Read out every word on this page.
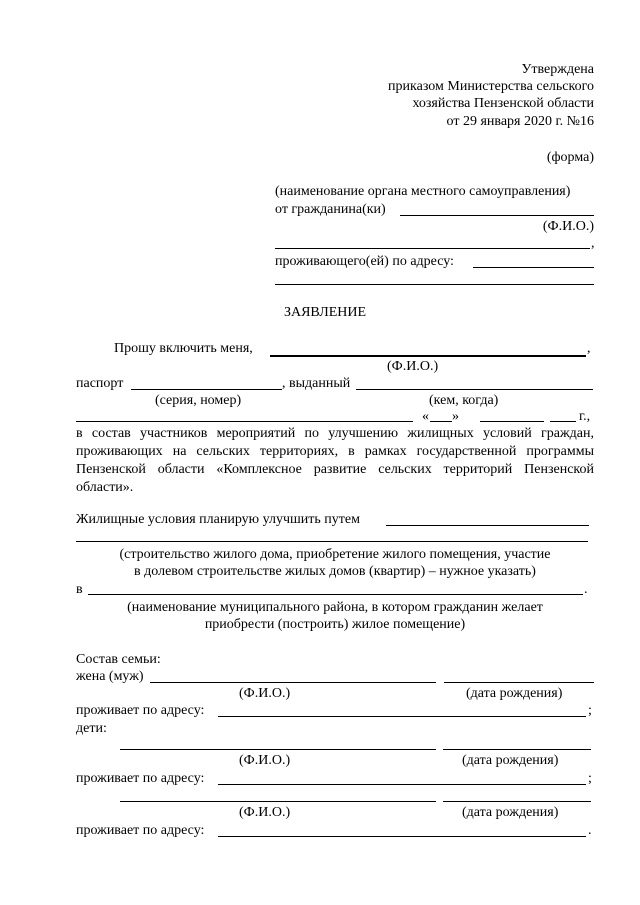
Утверждена
приказом Министерства сельского
хозяйства Пензенской области
от 29 января 2020 г. №16
(форма)
(наименование органа местного самоуправления)
от гражданина(ки)
(Ф.И.О.)
,
проживающего(ей) по адресу:
ЗАЯВЛЕНИЕ
Прошу включить меня,	,
(Ф.И.О.)
паспорт	, выданный
(серия, номер)	(кем, когда)
« »	г.,
в состав участников мероприятий по улучшению жилищных условий граждан, проживающих на сельских территориях, в рамках государственной программы Пензенской области «Комплексное развитие сельских территорий Пензенской области».
Жилищные условия планирую улучшить путем
(строительство жилого дома, приобретение жилого помещения, участие
в долевом строительстве жилых домов (квартир) – нужное указать)
в	.
(наименование муниципального района, в котором гражданин желает
приобрести (построить) жилое помещение)
Состав семьи:
жена (муж)
(Ф.И.О.)	(дата рождения)
проживает по адресу:	;
дети:
(Ф.И.О.)	(дата рождения)
проживает по адресу:	;
(Ф.И.О.)	(дата рождения)
проживает по адресу:	.
